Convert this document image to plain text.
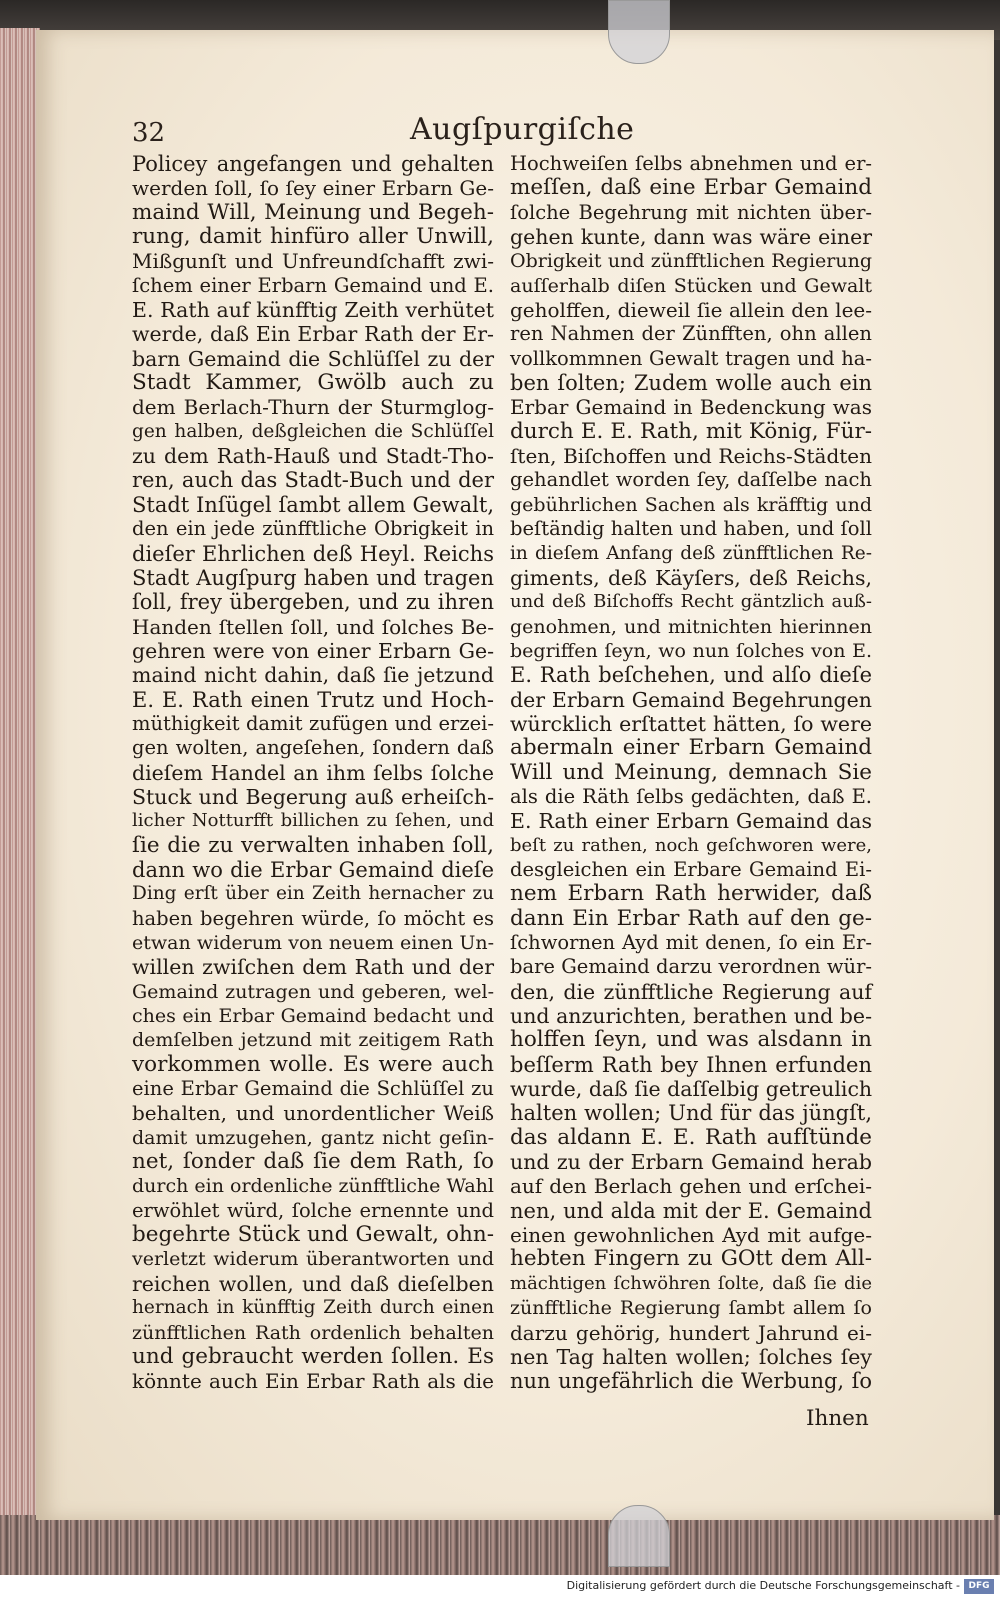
32	Augſpurgiſche
Policey angefangen und gehalten
werden ſoll, ſo ſey einer Erbarn Ge-
maind Will, Meinung und Begeh-
rung, damit hinfüro aller Unwill,
Mißgunſt und Unfreundſchafft zwi-
ſchem einer Erbarn Gemaind und E.
E. Rath auf künfftig Zeith verhütet
werde, daß Ein Erbar Rath der Er-
barn Gemaind die Schlüſſel zu der
Stadt Kammer, Gwölb auch zu
dem Berlach-Thurn der Sturmglog-
gen halben, deßgleichen die Schlüſſel
zu dem Rath-Hauß und Stadt-Tho-
ren, auch das Stadt-Buch und der
Stadt Inſügel ſambt allem Gewalt,
den ein jede zünfftliche Obrigkeit in
dieſer Ehrlichen deß Heyl. Reichs
Stadt Augſpurg haben und tragen
ſoll, frey übergeben, und zu ihren
Handen ſtellen ſoll, und ſolches Be-
gehren were von einer Erbarn Ge-
maind nicht dahin, daß ſie jetzund
E. E. Rath einen Trutz und Hoch-
müthigkeit damit zufügen und erzei-
gen wolten, angeſehen, ſondern daß
dieſem Handel an ihm ſelbs ſolche
Stuck und Begerung auß erheiſch-
licher Notturfft billichen zu ſehen, und
ſie die zu verwalten inhaben ſoll,
dann wo die Erbar Gemaind dieſe
Ding erſt über ein Zeith hernacher zu
haben begehren würde, ſo möcht es
etwan widerum von neuem einen Un-
willen zwiſchen dem Rath und der
Gemaind zutragen und geberen, wel-
ches ein Erbar Gemaind bedacht und
demſelben jetzund mit zeitigem Rath
vorkommen wolle. Es were auch
eine Erbar Gemaind die Schlüſſel zu
behalten, und unordentlicher Weiß
damit umzugehen, gantz nicht geſin-
net, ſonder daß ſie dem Rath, ſo
durch ein ordenliche zünfftliche Wahl
erwöhlet würd, ſolche ernennte und
begehrte Stück und Gewalt, ohn-
verletzt widerum überantworten und
reichen wollen, und daß dieſelben
hernach in künfftig Zeith durch einen
zünfftlichen Rath ordenlich behalten
und gebraucht werden ſollen. Es
könnte auch Ein Erbar Rath als die
Hochweiſen ſelbs abnehmen und er-
meſſen, daß eine Erbar Gemaind
ſolche Begehrung mit nichten über-
gehen kunte, dann was wäre einer
Obrigkeit und zünfftlichen Regierung
auſſerhalb diſen Stücken und Gewalt
geholffen, dieweil ſie allein den lee-
ren Nahmen der Zünfften, ohn allen
vollkommnen Gewalt tragen und ha-
ben ſolten; Zudem wolle auch ein
Erbar Gemaind in Bedenckung was
durch E. E. Rath, mit König, Für-
ſten, Biſchoffen und Reichs-Städten
gehandlet worden ſey, daſſelbe nach
gebührlichen Sachen als kräfftig und
beſtändig halten und haben, und ſoll
in dieſem Anfang deß zünfftlichen Re-
giments, deß Käyſers, deß Reichs,
und deß Biſchoffs Recht gäntzlich auß-
genohmen, und mitnichten hierinnen
begriffen ſeyn, wo nun ſolches von E.
E. Rath beſchehen, und alſo dieſe
der Erbarn Gemaind Begehrungen
würcklich erſtattet hätten, ſo were
abermaln einer Erbarn Gemaind
Will und Meinung, demnach Sie
als die Räth ſelbs gedächten, daß E.
E. Rath einer Erbarn Gemaind das
beſt zu rathen, noch geſchworen were,
desgleichen ein Erbare Gemaind Ei-
nem Erbarn Rath herwider, daß
dann Ein Erbar Rath auf den ge-
ſchwornen Ayd mit denen, ſo ein Er-
bare Gemaind darzu verordnen wür-
den, die zünfftliche Regierung auf
und anzurichten, berathen und be-
holffen ſeyn, und was alsdann in
beſſerm Rath bey Ihnen erfunden
wurde, daß ſie daſſelbig getreulich
halten wollen; Und für das jüngſt,
das aldann E. E. Rath aufſtünde
und zu der Erbarn Gemaind herab
auf den Berlach gehen und erſchei-
nen, und alda mit der E. Gemaind
einen gewohnlichen Ayd mit aufge-
hebten Fingern zu GOtt dem All-
mächtigen ſchwöhren ſolte, daß ſie die
zünfftliche Regierung ſambt allem ſo
darzu gehörig, hundert Jahrund ei-
nen Tag halten wollen; ſolches ſey
nun ungefährlich die Werbung, ſo
Ihnen
Digitalisierung gefördert durch die Deutsche Forschungsgemeinschaft - DFG
